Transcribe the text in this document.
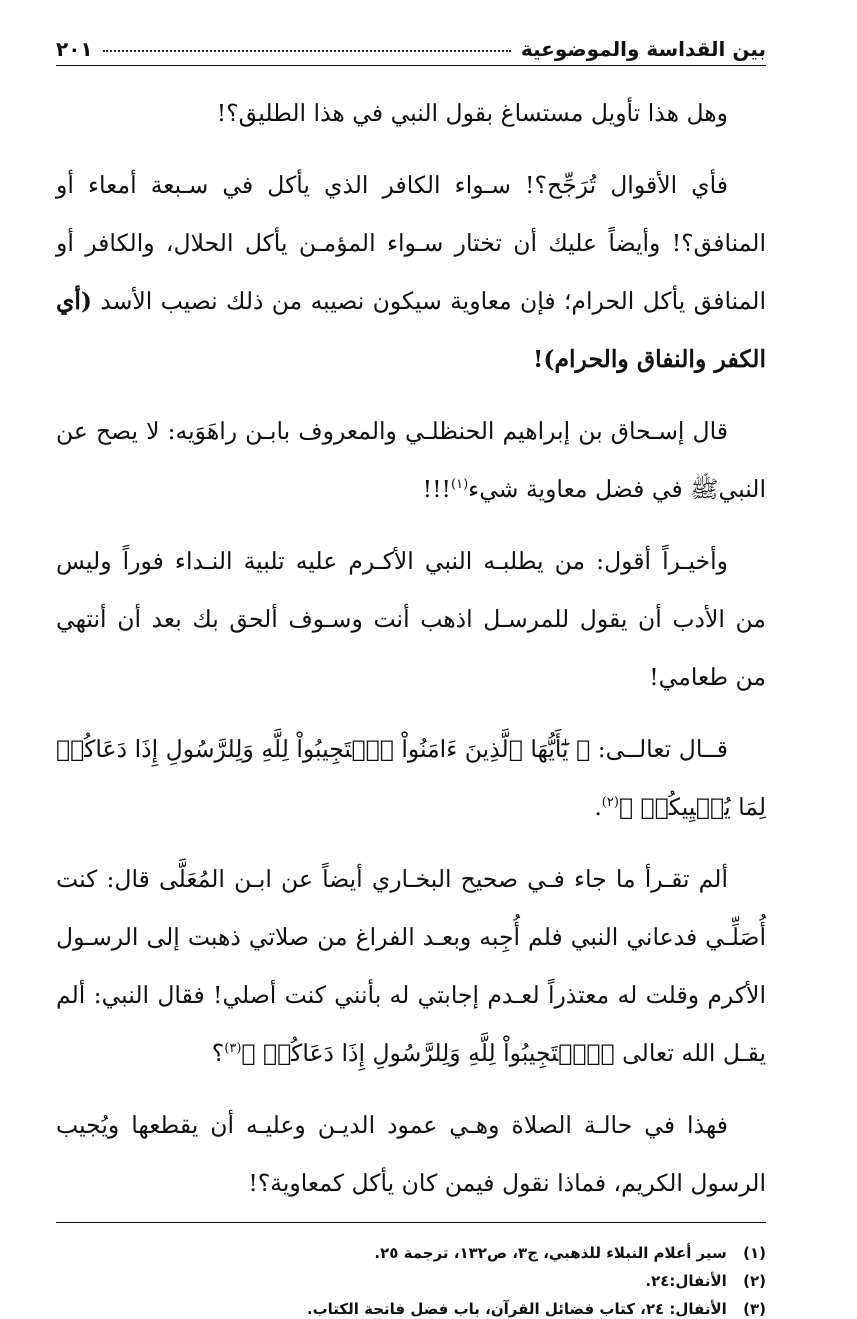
بين القداسة والموضوعية
٢٠١

وهل هذا تأويل مستساغ بقول النبي في هذا الطليق؟!

فأي الأقوال تُرَجِّح؟! سـواء الكافر الذي يأكل في سـبعة أمعاء أو المنافق؟! وأيضاً عليك أن تختار سـواء المؤمـن يأكل الحلال، والكافر أو المنافق يأكل الحرام؛ فإن معاوية سيكون نصيبه من ذلك نصيب الأسد (أي الكفر والنفاق والحرام)!

قال إسـحاق بن إبراهيم الحنظلـي والمعروف بابـن راهَوَيه: لا يصح عن النبيﷺ في فضل معاوية شيء$^{(١)}$!!!

وأخيـراً أقول: من يطلبـه النبي الأكـرم عليه تلبية النـداء فوراً وليس من الأدب أن يقول للمرسـل اذهب أنت وسـوف ألحق بك بعد أن أنتهي من طعامي!

قــال تعالــى: ﴿ يَٰٓأَيُّهَا ٱلَّذِينَ ءَامَنُواْ ٱسۡتَجِيبُواْ لِلَّهِ وَلِلرَّسُولِ إِذَا دَعَاكُمۡ لِمَا يُحۡيِيكُمۡ ﴾$^{(٢)}$.

ألم تقـرأ ما جاء فـي صحيح البخـاري أيضاً عن ابـن المُعَلَّى قال: كنت أُصَلِّـي فدعاني النبي فلم أُجِبه وبعـد الفراغ من صلاتي ذهبت إلى الرسـول الأكرم وقلت له معتذراً لعـدم إجابتي له بأنني كنت أصلي! فقال النبي: ألم يقـل الله تعالى ﴿ٱسۡتَجِيبُواْ لِلَّهِ وَلِلرَّسُولِ إِذَا دَعَاكُمۡ ﴾$^{(٣)}$؟

فهذا في حالـة الصلاة وهـي عمود الديـن وعليـه أن يقطعها ويُجيب الرسول الكريم، فماذا نقول فيمن كان يأكل كمعاوية؟!

(١) سير أعلام النبلاء للذهبي، ج٣، ص١٣٢، ترجمة ٢٥.
(٢) الأنفال:٢٤.
(٣) الأنفال: ٢٤، كتاب فضائل القرآن، باب فضل فاتحة الكتاب.
